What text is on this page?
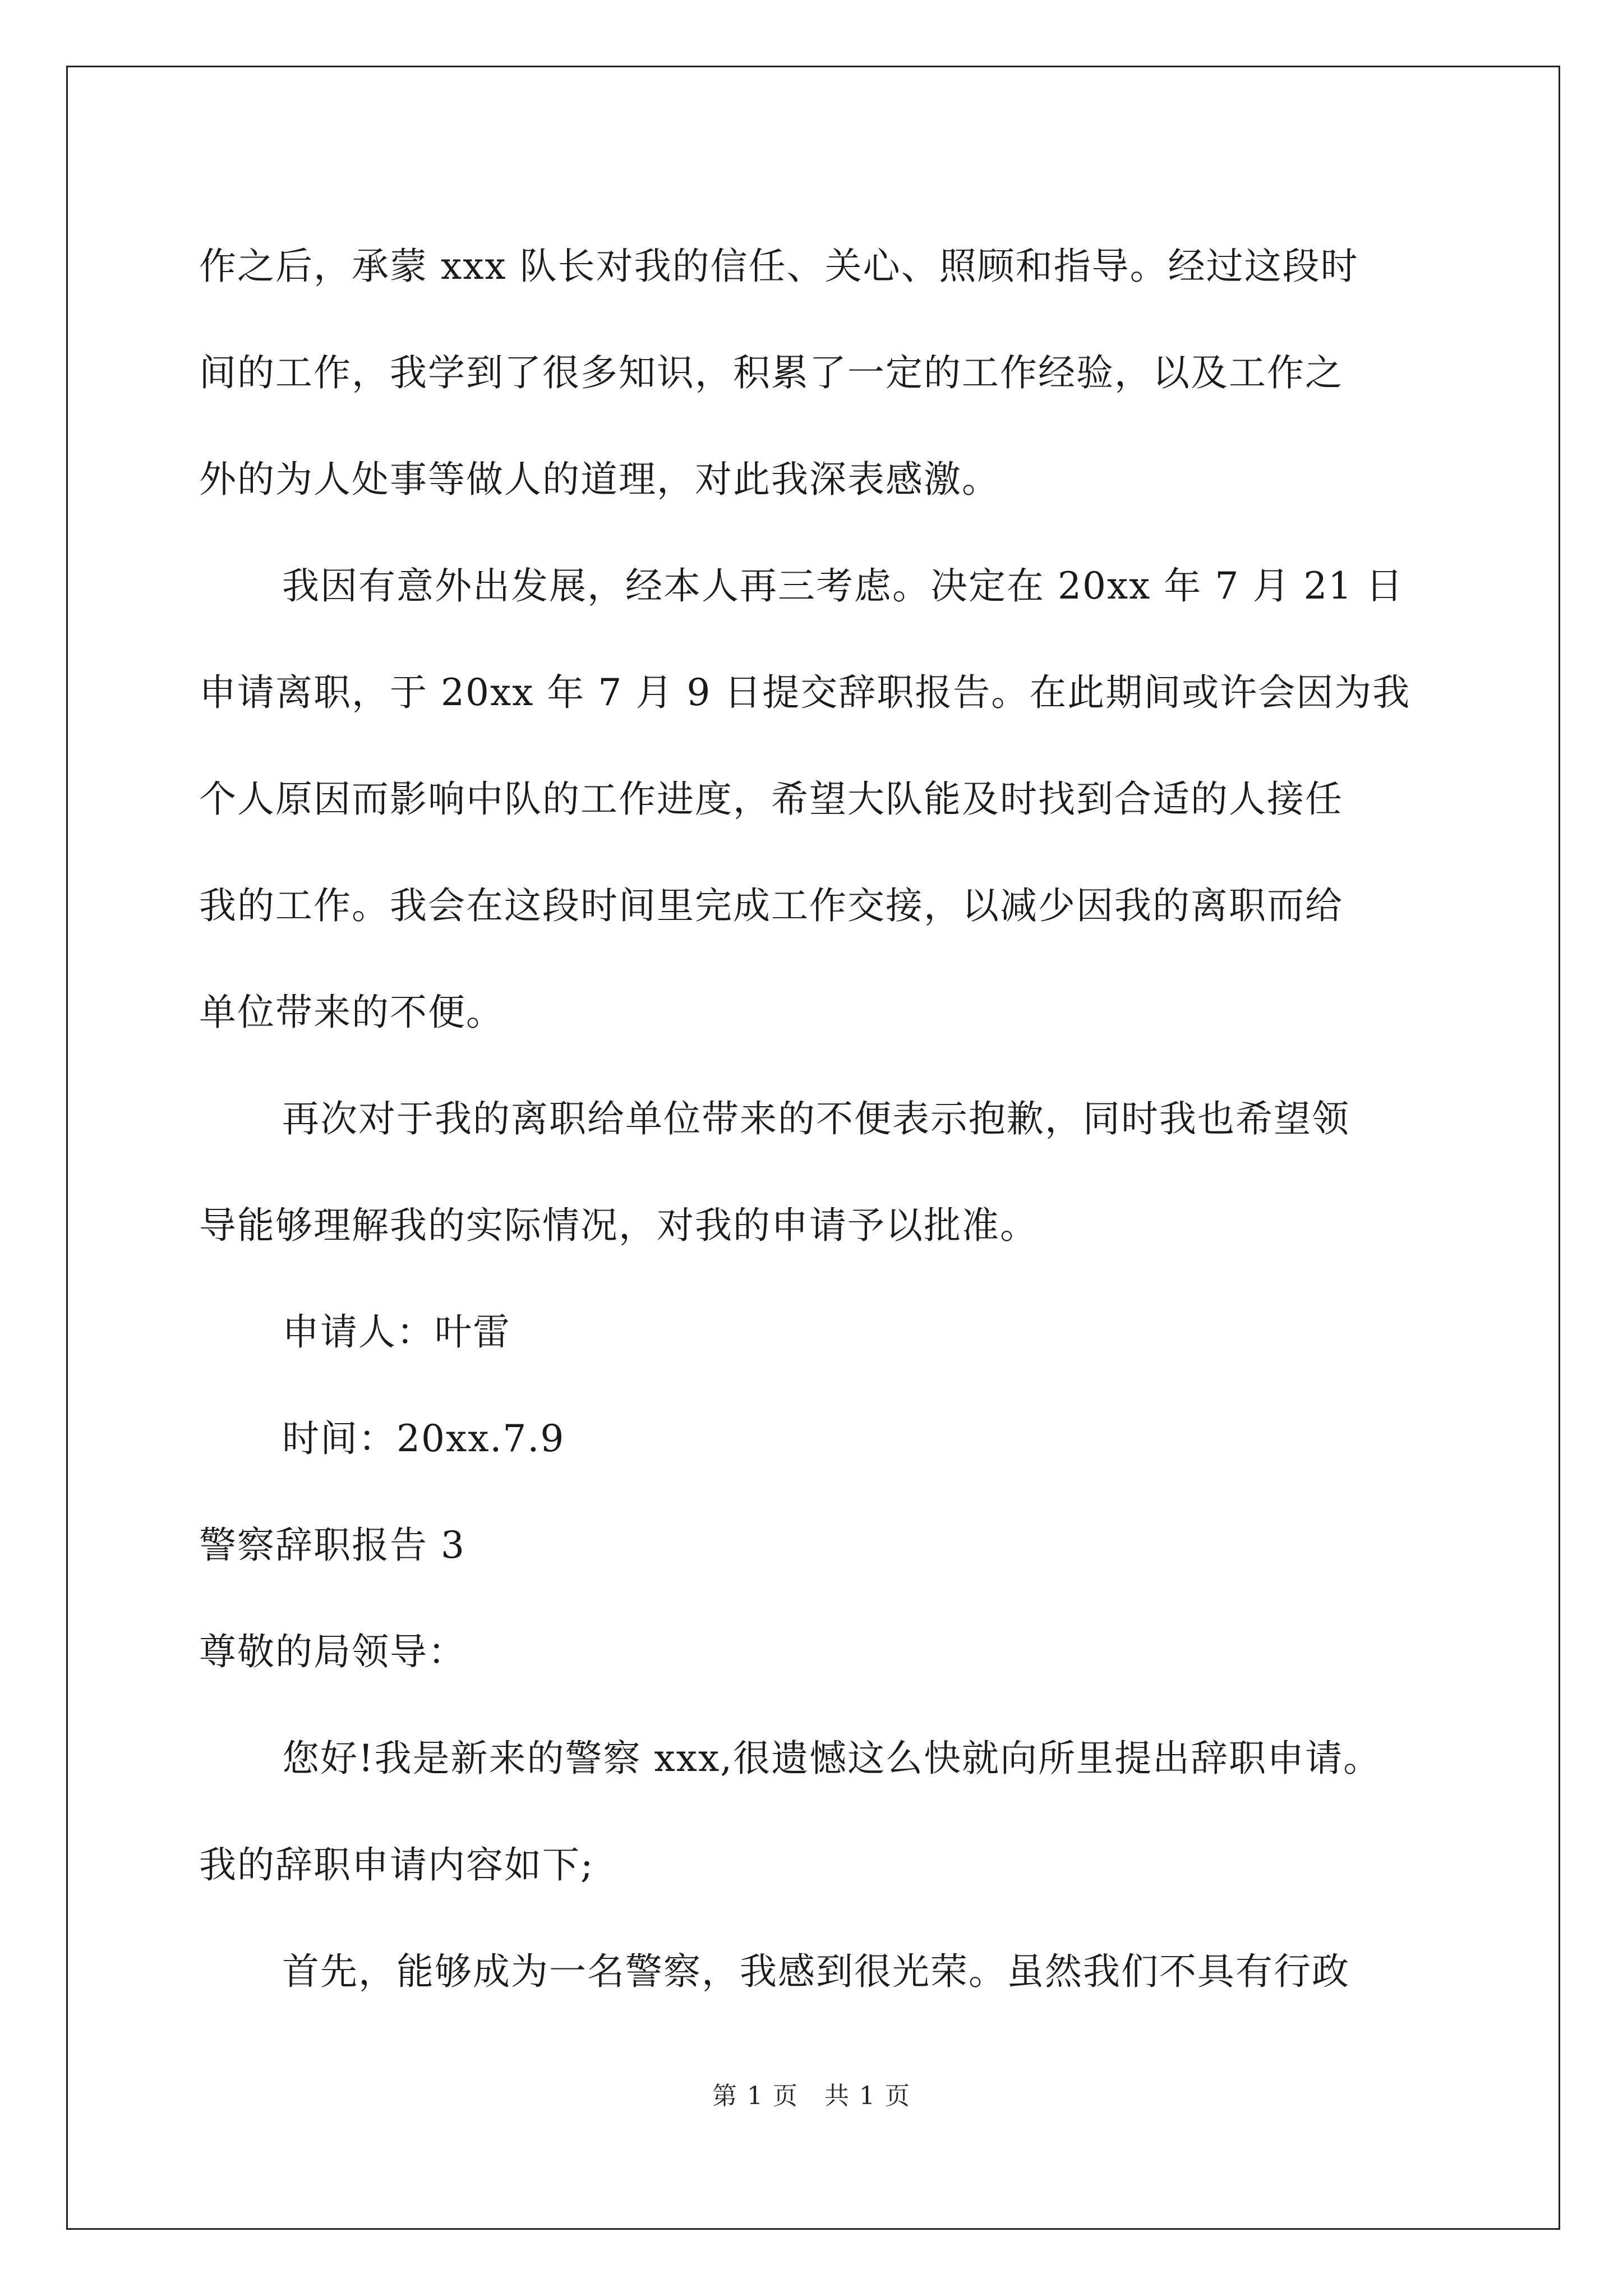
作之后，承蒙 xxx 队长对我的信任、关心、照顾和指导。经过这段时
间的工作，我学到了很多知识，积累了一定的工作经验，以及工作之
外的为人处事等做人的道理，对此我深表感激。
我因有意外出发展，经本人再三考虑。决定在 20xx 年 7 月 21 日
申请离职，于 20xx 年 7 月 9 日提交辞职报告。在此期间或许会因为我
个人原因而影响中队的工作进度，希望大队能及时找到合适的人接任
我的工作。我会在这段时间里完成工作交接，以减少因我的离职而给
单位带来的不便。
再次对于我的离职给单位带来的不便表示抱歉，同时我也希望领
导能够理解我的实际情况，对我的申请予以批准。
申请人：叶雷
时间：20xx.7.9
警察辞职报告 3
尊敬的局领导：
您好!我是新来的警察 xxx,很遗憾这么快就向所里提出辞职申请。
我的辞职申请内容如下;
首先，能够成为一名警察，我感到很光荣。虽然我们不具有行政
第 1 页　共 1 页
